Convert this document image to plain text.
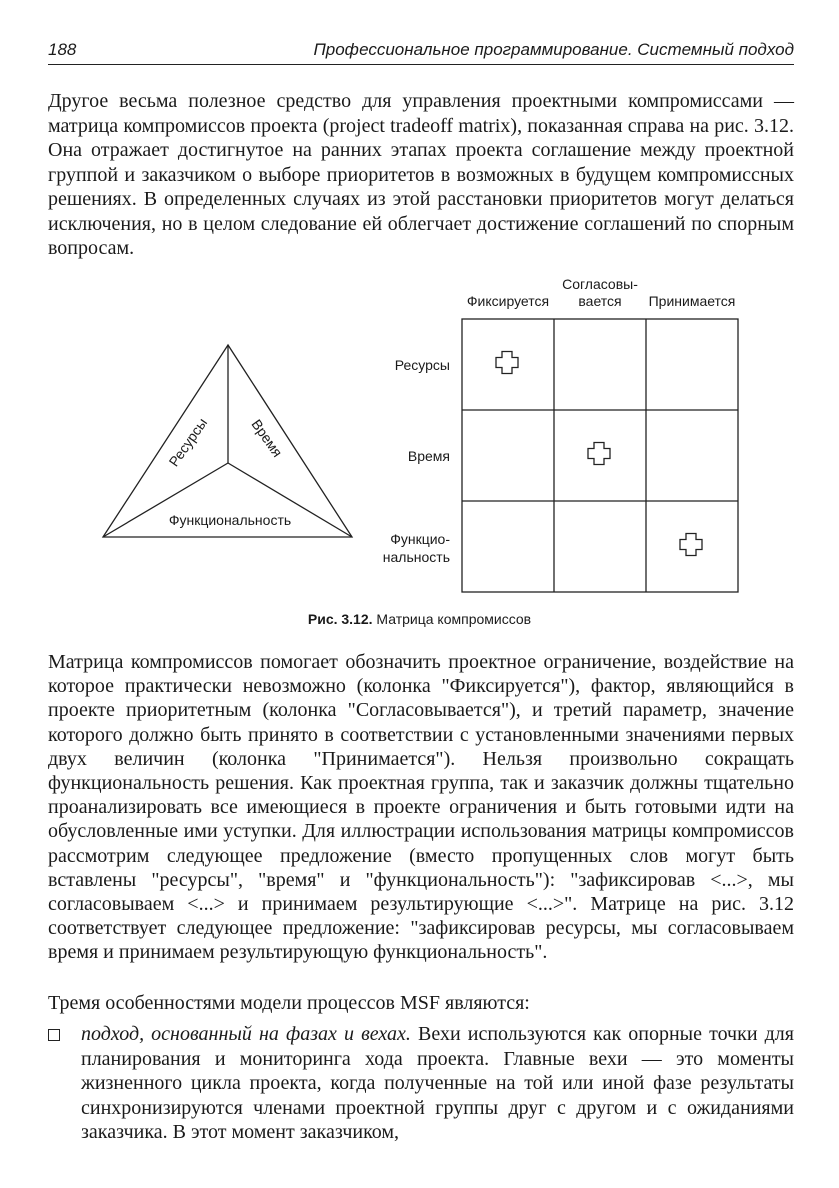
188	Профессиональное программирование. Системный подход

Другое весьма полезное средство для управления проектными компромиссами — матрица компромиссов проекта (project tradeoff matrix), показанная справа на рис. 3.12. Она отражает достигнутое на ранних этапах проекта соглашение между проектной группой и заказчиком о выборе приоритетов в возможных в будущем компромиссных решениях. В определенных случаях из этой расстановки приоритетов могут делаться исключения, но в целом следование ей облегчает достижение соглашений по спорным вопросам.

Ресурсы	Время
Функциональность
Фиксируется
Согласовы-
вается	Принимается
Ресурсы
Время
Функцио-
нальность
Рис. 3.12. Матрица компромиссов

Матрица компромиссов помогает обозначить проектное ограничение, воздействие на которое практически невозможно (колонка "Фиксируется"), фактор, являющийся в проекте приоритетным (колонка "Согласовывается"), и третий параметр, значение которого должно быть принято в соответствии с установленными значениями первых двух величин (колонка "Принимается"). Нельзя произвольно сокращать функциональность решения. Как проектная группа, так и заказчик должны тщательно проанализировать все имеющиеся в проекте ограничения и быть готовыми идти на обусловленные ими уступки. Для иллюстрации использования матрицы компромиссов рассмотрим следующее предложение (вместо пропущенных слов могут быть вставлены "ресурсы", "время" и "функциональность"): "зафиксировав <...>, мы согласовываем <...> и принимаем результирующие <...>". Матрице на рис. 3.12 соответствует следующее предложение: "зафиксировав ресурсы, мы согласовываем время и принимаем результирующую функциональность".

Тремя особенностями модели процессов MSF являются:

подход, основанный на фазах и вехах. Вехи используются как опорные точки для планирования и мониторинга хода проекта. Главные вехи — это моменты жизненного цикла проекта, когда полученные на той или иной фазе результаты синхронизируются членами проектной группы друг с другом и с ожиданиями заказчика. В этот момент заказчиком,
